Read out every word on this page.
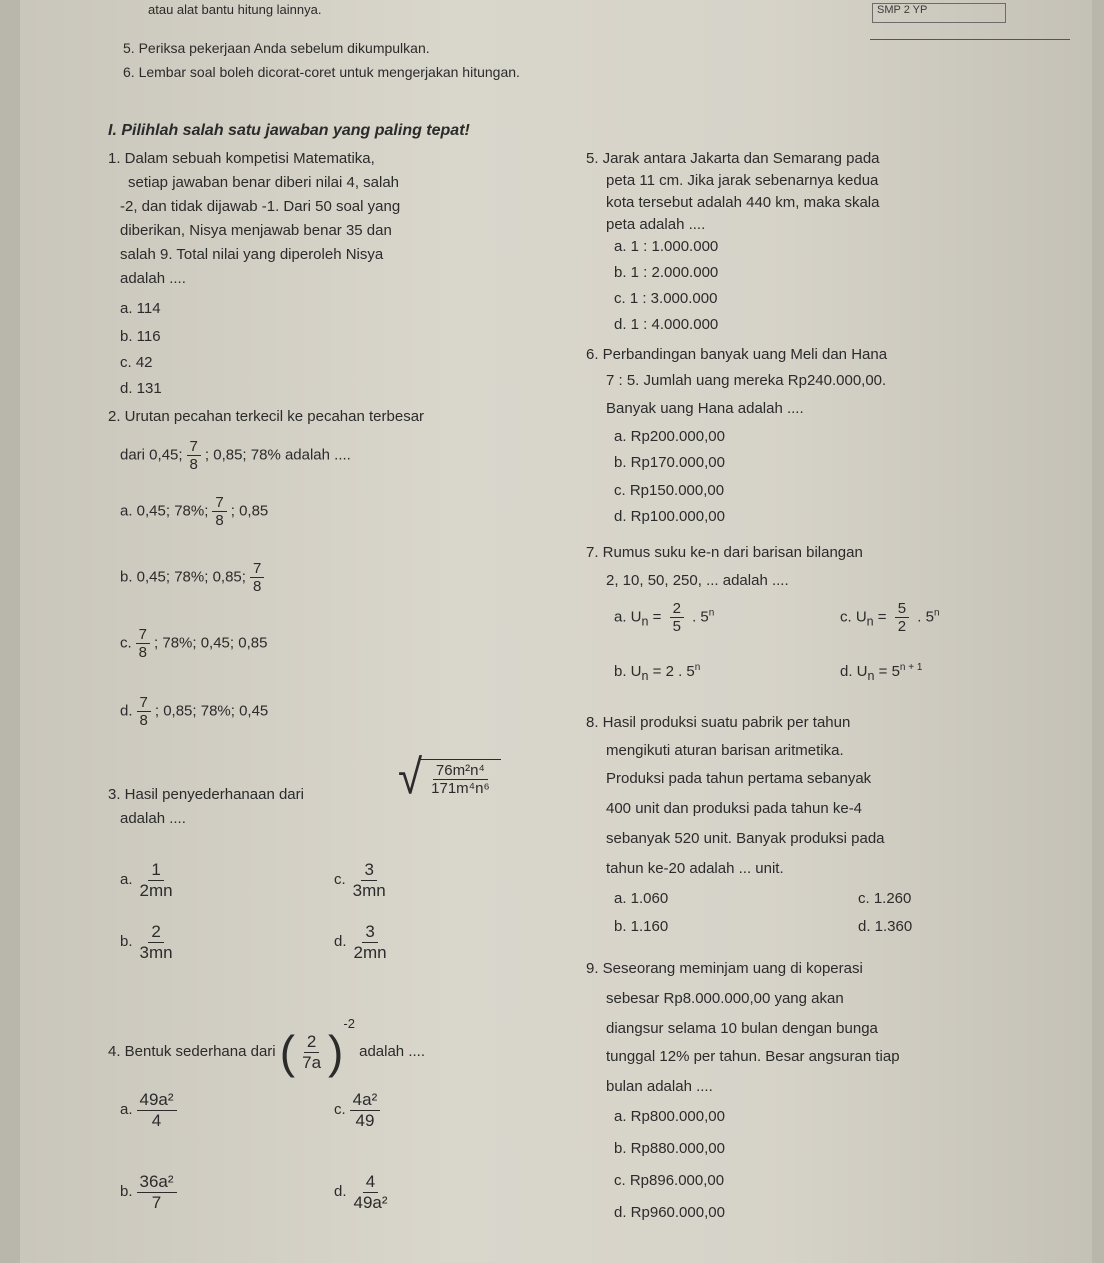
atau alat bantu hitung lainnya.	SMP 2 YP
5. Periksa pekerjaan Anda sebelum dikumpulkan.
6. Lembar soal boleh dicorat-coret untuk mengerjakan hitungan.
I. Pilihlah salah satu jawaban yang paling tepat!
1. Dalam sebuah kompetisi Matematika,
setiap jawaban benar diberi nilai 4, salah
-2, dan tidak dijawab -1. Dari 50 soal yang
diberikan, Nisya menjawab benar 35 dan
salah 9. Total nilai yang diperoleh Nisya
adalah ....
a. 114
b. 116
c. 42
d. 131
2. Urutan pecahan terkecil ke pecahan terbesar
dari 0,45; $\frac{7}{8}$ ; 0,85; 78% adalah ....
a. 0,45; 78%; $\frac{7}{8}$ ; 0,85
b. 0,45; 78%; 0,85; $\frac{7}{8}$
c. $\frac{7}{8}$ ; 78%; 0,45; 0,85
d. $\frac{7}{8}$ ; 0,85; 78%; 0,45
3. Hasil penyederhanaan dari
adalah ....
√ $\frac{\text{76m²n⁴}}{\text{171m⁴n⁶}}$
a. $\frac{1}{2mn}$	c. $\frac{3}{3mn}$
b. $\frac{2}{3mn}$	d. $\frac{3}{2mn}$
4. Bentuk sederhana dari ( $\frac{2}{7a} )^{-2}$ adalah ....
a. $\frac{\text{49a²}}{4}$	c. $\frac{\text{4a²}}{49}$
b. $\frac{\text{36a²}}{7}$	d. $\frac{4}{\text{49a²}}$
5. Jarak antara Jakarta dan Semarang pada
peta 11 cm. Jika jarak sebenarnya kedua
kota tersebut adalah 440 km, maka skala
peta adalah ....
a. 1 : 1.000.000
b. 1 : 2.000.000
c. 1 : 3.000.000
d. 1 : 4.000.000
6. Perbandingan banyak uang Meli dan Hana
7 : 5. Jumlah uang mereka Rp240.000,00.
Banyak uang Hana adalah ....
a. Rp200.000,00
b. Rp170.000,00
c. Rp150.000,00
d. Rp100.000,00
7. Rumus suku ke-n dari barisan bilangan
2, 10, 50, 250, ... adalah ....
a. $U_n = \frac{2}{5}$ . 5$^n$	c. $U_n = \frac{5}{2}$ . 5$^n$
b. $U_n = 2$ . 5$^n$	d. $U_n = 5^{n + 1}$
8. Hasil produksi suatu pabrik per tahun
mengikuti aturan barisan aritmetika.
Produksi pada tahun pertama sebanyak
400 unit dan produksi pada tahun ke-4
sebanyak 520 unit. Banyak produksi pada
tahun ke-20 adalah ... unit.
a. 1.060
b. 1.160
c. 1.260
d. 1.360
9. Seseorang meminjam uang di koperasi
sebesar Rp8.000.000,00 yang akan
diangsur selama 10 bulan dengan bunga
tunggal 12% per tahun. Besar angsuran tiap
bulan adalah ....
a. Rp800.000,00
b. Rp880.000,00
c. Rp896.000,00
d. Rp960.000,00
